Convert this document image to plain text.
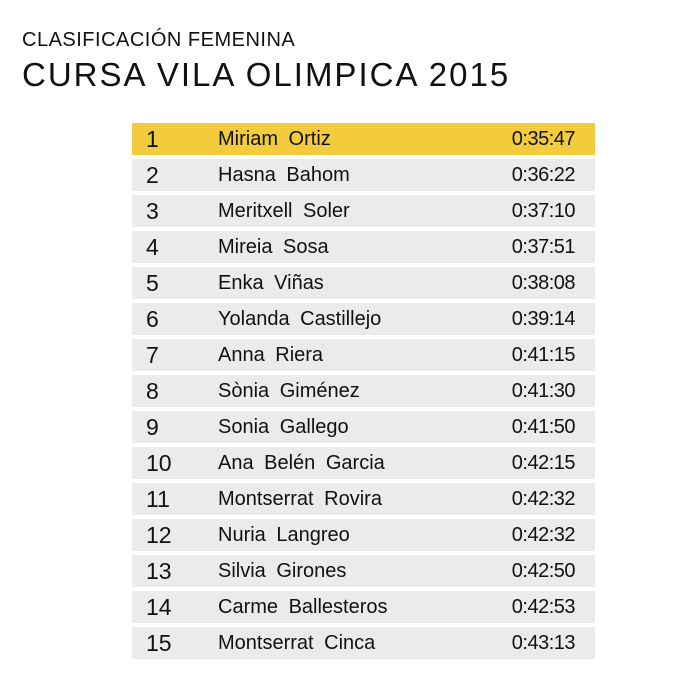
CLASIFICACIÓN FEMENINA
CURSA VILA OLIMPICA 2015
1	Miriam Ortiz	0:35:47
2	Hasna Bahom	0:36:22
3	Meritxell Soler	0:37:10
4	Mireia Sosa	0:37:51
5	Enka Viñas	0:38:08
6	Yolanda Castillejo	0:39:14
7	Anna Riera	0:41:15
8	Sònia Giménez	0:41:30
9	Sonia Gallego	0:41:50
10	Ana Belén Garcia	0:42:15
11	Montserrat Rovira	0:42:32
12	Nuria Langreo	0:42:32
13	Silvia Girones	0:42:50
14	Carme Ballesteros	0:42:53
15	Montserrat Cinca	0:43:13
